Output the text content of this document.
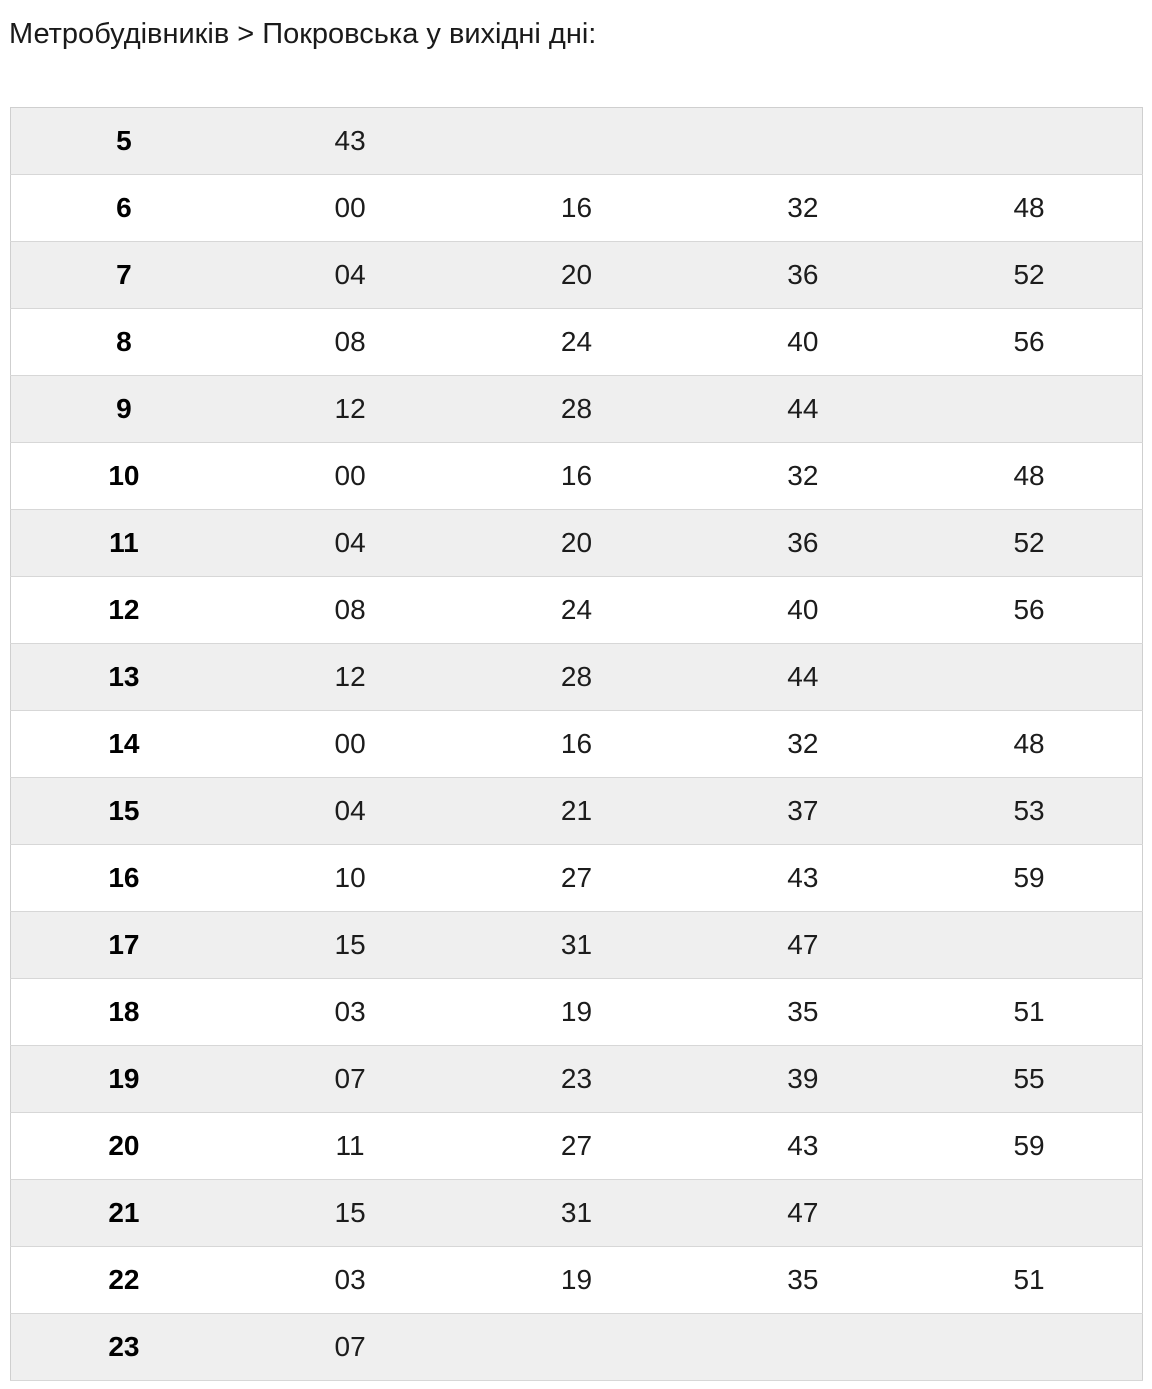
Метробудівників > Покровська у вихідні дні:
5	43			
6	00	16	32	48
7	04	20	36	52
8	08	24	40	56
9	12	28	44	
10	00	16	32	48
11	04	20	36	52
12	08	24	40	56
13	12	28	44	
14	00	16	32	48
15	04	21	37	53
16	10	27	43	59
17	15	31	47	
18	03	19	35	51
19	07	23	39	55
20	11	27	43	59
21	15	31	47	
22	03	19	35	51
23	07			
